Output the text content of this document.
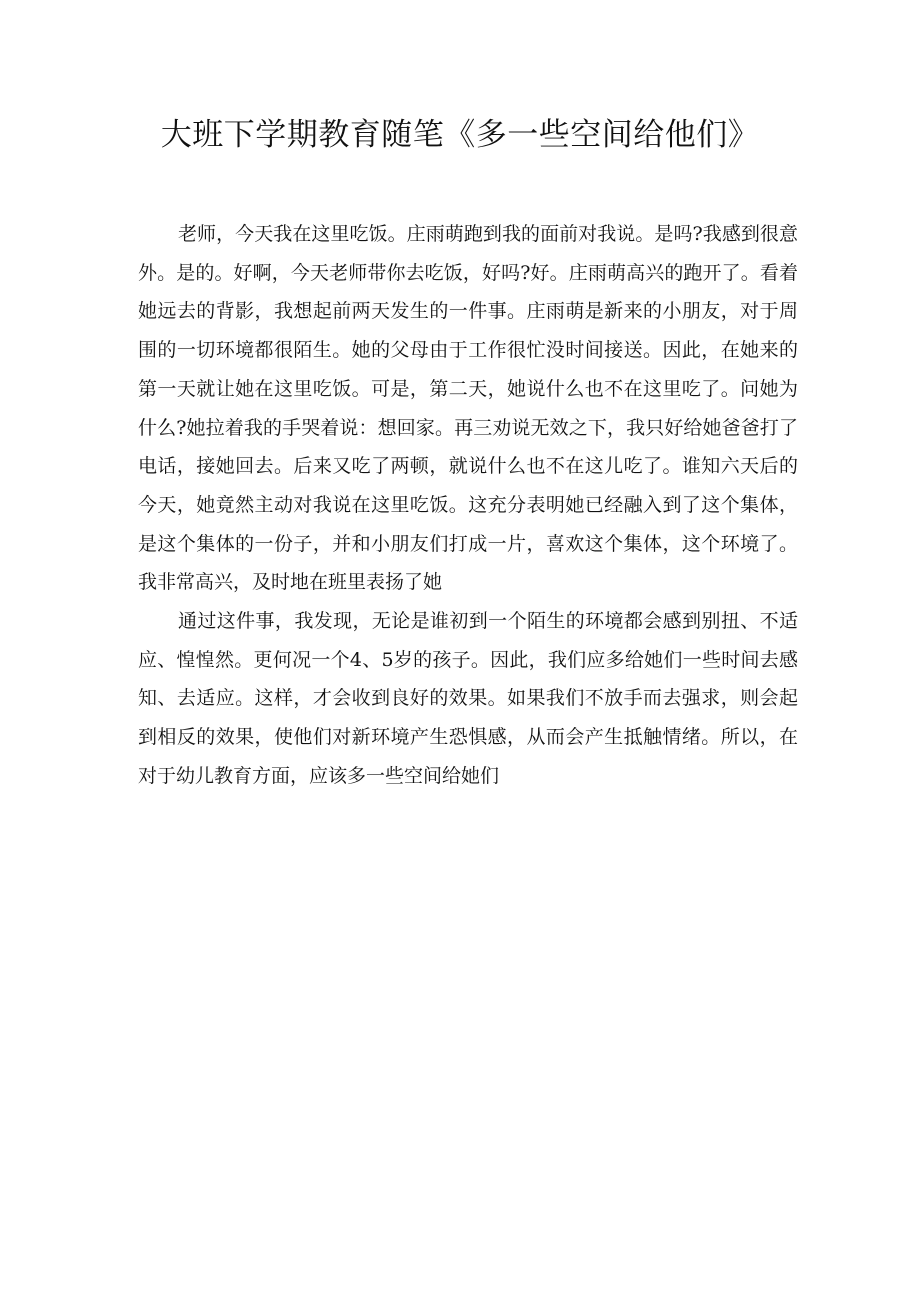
大班下学期教育随笔《多一些空间给他们》

老师，今天我在这里吃饭。庄雨萌跑到我的面前对我说。是吗?我感到很意外。是的。好啊，今天老师带你去吃饭，好吗?好。庄雨萌高兴的跑开了。看着她远去的背影，我想起前两天发生的一件事。庄雨萌是新来的小朋友，对于周围的一切环境都很陌生。她的父母由于工作很忙没时间接送。因此，在她来的第一天就让她在这里吃饭。可是，第二天，她说什么也不在这里吃了。问她为什么?她拉着我的手哭着说：想回家。再三劝说无效之下，我只好给她爸爸打了电话，接她回去。后来又吃了两顿，就说什么也不在这儿吃了。谁知六天后的今天，她竟然主动对我说在这里吃饭。这充分表明她已经融入到了这个集体，是这个集体的一份子，并和小朋友们打成一片，喜欢这个集体，这个环境了。我非常高兴，及时地在班里表扬了她

通过这件事，我发现，无论是谁初到一个陌生的环境都会感到别扭、不适应、惶惶然。更何况一个4、5岁的孩子。因此，我们应多给她们一些时间去感知、去适应。这样，才会收到良好的效果。如果我们不放手而去强求，则会起到相反的效果，使他们对新环境产生恐惧感，从而会产生抵触情绪。所以，在对于幼儿教育方面，应该多一些空间给她们
